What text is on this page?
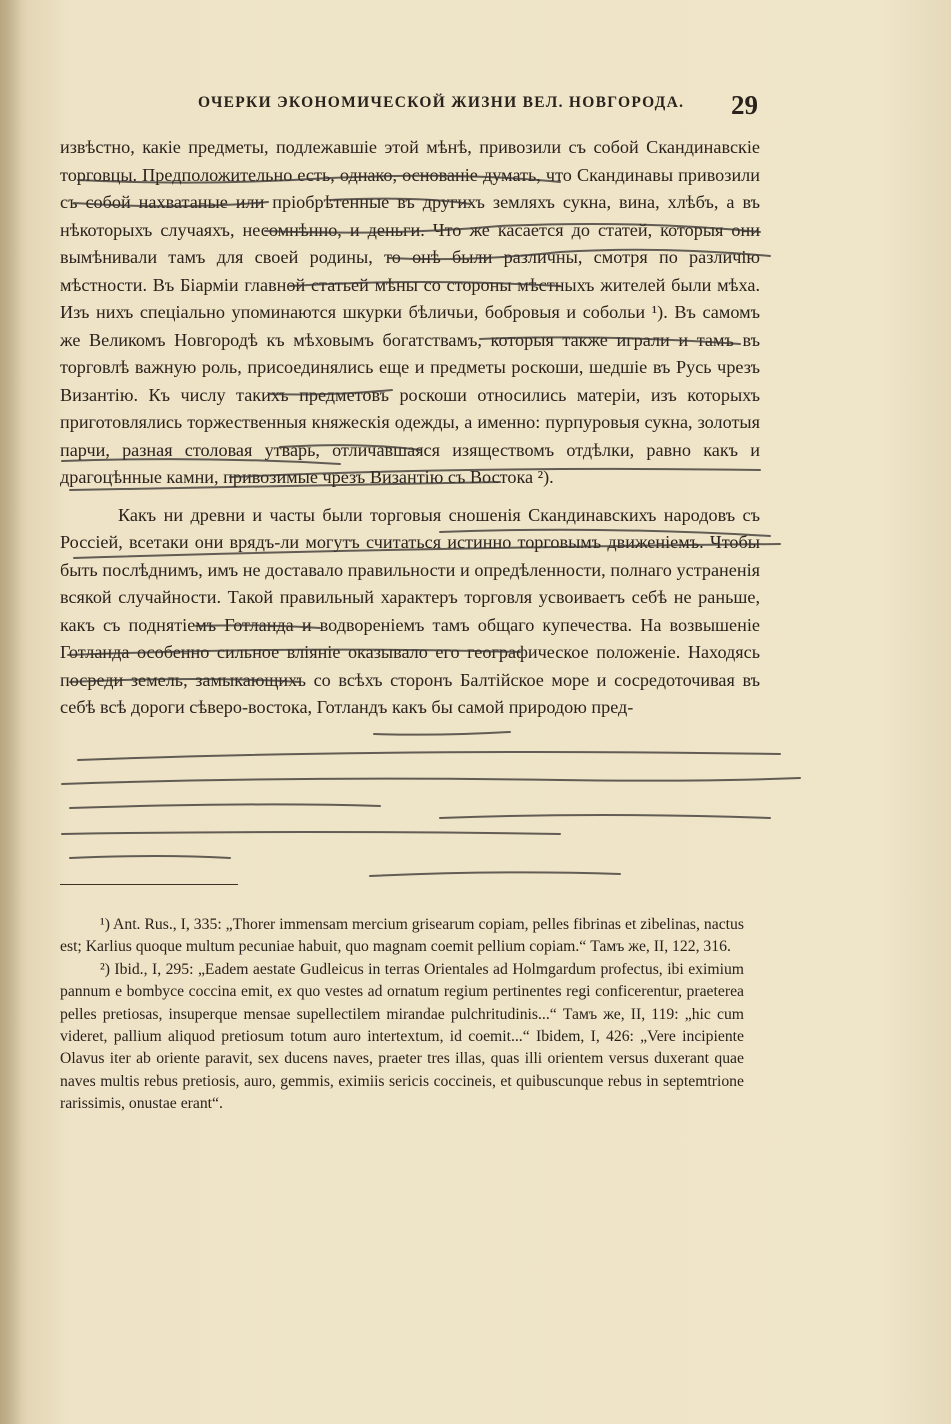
ОЧЕРКИ ЭКОНОМИЧЕСКОЙ ЖИЗНИ ВЕЛ. НОВГОРОДА. 29

извѣстно, какіе предметы, подлежавшіе этой мѣнѣ, привозили съ собой Скандинавскіе торговцы. Предположительно есть, однако, основаніе думать, что Скандинавы привозили съ собой нахватаные или пріобрѣтенные въ другихъ земляхъ сукна, вина, хлѣбъ, а въ нѣкоторыхъ случаяхъ, несомнѣнно, и деньги. Что же касается до статей, которыя они вымѣнивали тамъ для своей родины, то онѣ были различны, смотря по различію мѣстности. Въ Біарміи главной статьей мѣны со стороны мѣстныхъ жителей были мѣха. Изъ нихъ спеціально упоминаются шкурки бѣличьи, бобровыя и собольи ¹). Въ самомъ же Великомъ Новгородѣ къ мѣховымъ богатствамъ, которыя также играли и тамъ въ торговлѣ важную роль, присоединялись еще и предметы роскоши, шедшіе въ Русь чрезъ Византію. Къ числу такихъ предметовъ роскоши относились матеріи, изъ которыхъ приготовлялись торжественныя княжескія одежды, а именно: пурпуровыя сукна, золотыя парчи, разная столовая утварь, отличавшаяся изяществомъ отдѣлки, равно какъ и драгоцѣнные камни, привозимые чрезъ Византію съ Востока ²).

Какъ ни древни и часты были торговыя сношенія Скандинавскихъ народовъ съ Россіей, всетаки они врядъ-ли могутъ считаться истинно торговымъ движеніемъ. Чтобы быть послѣднимъ, имъ не доставало правильности и опредѣленности, полнаго устраненія всякой случайности. Такой правильный характеръ торговля усвоиваетъ себѣ не раньше, какъ съ поднятіемъ Готланда и водвореніемъ тамъ общаго купечества. На возвышеніе Готланда особенно сильное вліяніе оказывало его географическое положеніе. Находясь посреди земель, замыкающихъ со всѣхъ сторонъ Балтійское море и сосредоточивая въ себѣ всѣ дороги сѣверо-востока, Готландъ какъ бы самой природою пред-

¹) Ant. Rus., I, 335: „Thorer immensam mercium grisearum copiam, pelles fibrinas et zibelinas, nactus est; Karlius quoque multum pecuniae habuit, quo magnam coemit pellium copiam.“ Тамъ же, II, 122, 316.

²) Ibid., I, 295: „Eadem aestate Gudleicus in terras Orientales ad Holmgardum profectus, ibi eximium pannum e bombyce coccina emit, ex quo vestes ad ornatum regium pertinentes regi conficerentur, praeterea pelles pretiosas, insuperque mensae supellectilem mirandae pulchritudinis...“ Тамъ же, II, 119: „hic cum videret, pallium aliquod pretiosum totum auro intertextum, id coemit...“ Ibidem, I, 426: „Vere incipiente Olavus iter ab oriente paravit, sex ducens naves, praeter tres illas, quas illi orientem versus duxerant quae naves multis rebus pretiosis, auro, gemmis, eximiis sericis coccineis, et quibuscunque rebus in septemtrione rarissimis, onustae erant“.
